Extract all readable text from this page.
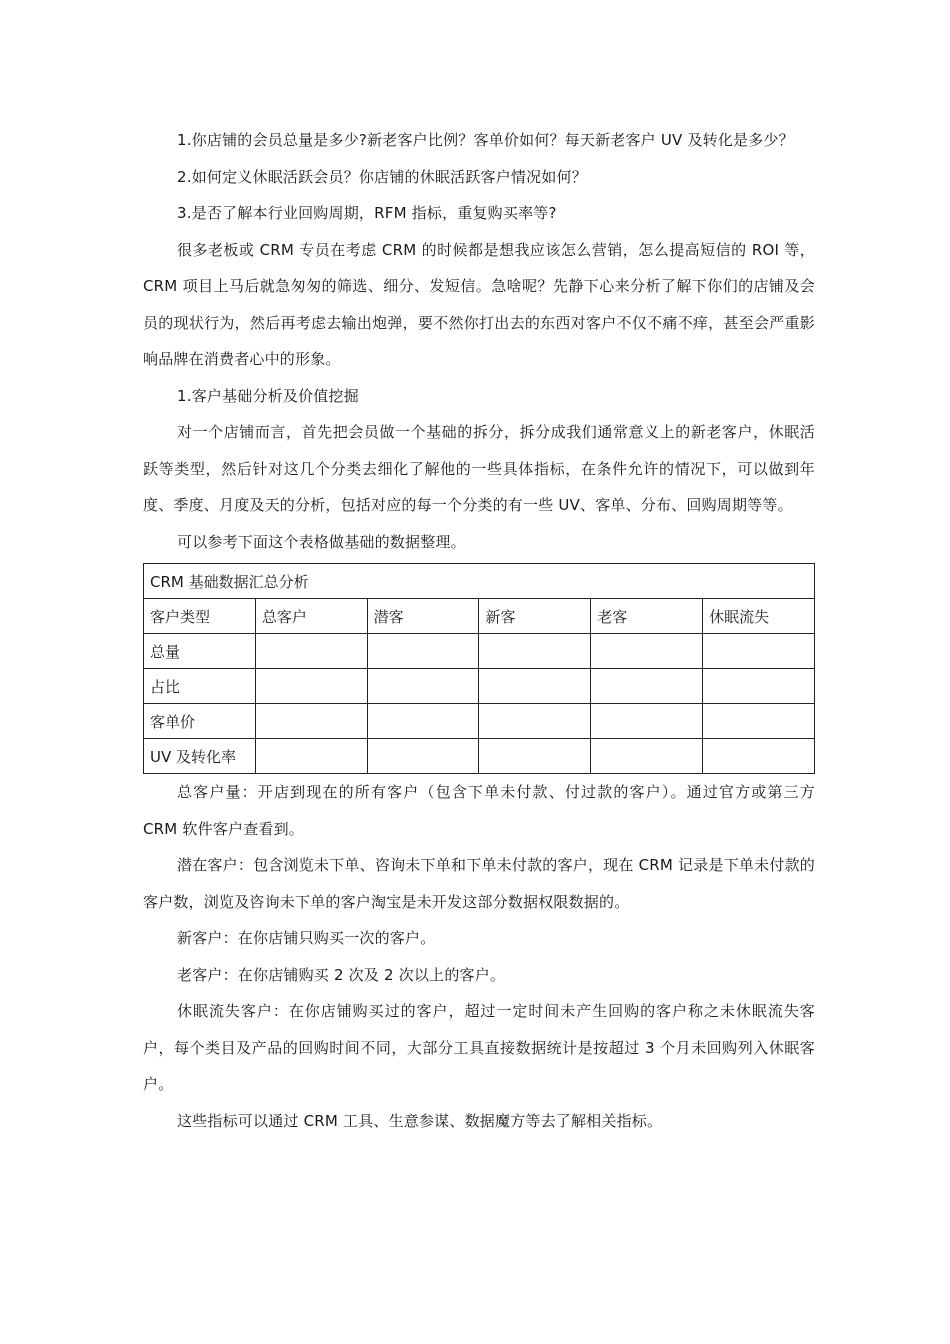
1.你店铺的会员总量是多少?新老客户比例？客单价如何？每天新老客户 UV 及转化是多少？

2.如何定义休眠活跃会员？你店铺的休眠活跃客户情况如何？

3.是否了解本行业回购周期，RFM 指标，重复购买率等?

很多老板或 CRM 专员在考虑 CRM 的时候都是想我应该怎么营销，怎么提高短信的 ROI 等，CRM 项目上马后就急匆匆的筛选、细分、发短信。急啥呢？先静下心来分析了解下你们的店铺及会员的现状行为，然后再考虑去输出炮弹，要不然你打出去的东西对客户不仅不痛不痒，甚至会严重影响品牌在消费者心中的形象。

1.客户基础分析及价值挖掘

对一个店铺而言，首先把会员做一个基础的拆分，拆分成我们通常意义上的新老客户，休眠活跃等类型，然后针对这几个分类去细化了解他的一些具体指标，在条件允许的情况下，可以做到年度、季度、月度及天的分析，包括对应的每一个分类的有一些 UV、客单、分布、回购周期等等。

可以参考下面这个表格做基础的数据整理。

CRM 基础数据汇总分析					
客户类型	总客户	潜客	新客	老客	休眠流失
总量					
占比					
客单价					
UV 及转化率					

总客户量：开店到现在的所有客户（包含下单未付款、付过款的客户）。通过官方或第三方 CRM 软件客户查看到。

潜在客户：包含浏览未下单、咨询未下单和下单未付款的客户，现在 CRM 记录是下单未付款的客户数，浏览及咨询未下单的客户淘宝是未开发这部分数据权限数据的。

新客户：在你店铺只购买一次的客户。

老客户：在你店铺购买 2 次及 2 次以上的客户。

休眠流失客户：在你店铺购买过的客户，超过一定时间未产生回购的客户称之未休眠流失客户，每个类目及产品的回购时间不同，大部分工具直接数据统计是按超过 3 个月未回购列入休眠客户。

这些指标可以通过 CRM 工具、生意参谋、数据魔方等去了解相关指标。
